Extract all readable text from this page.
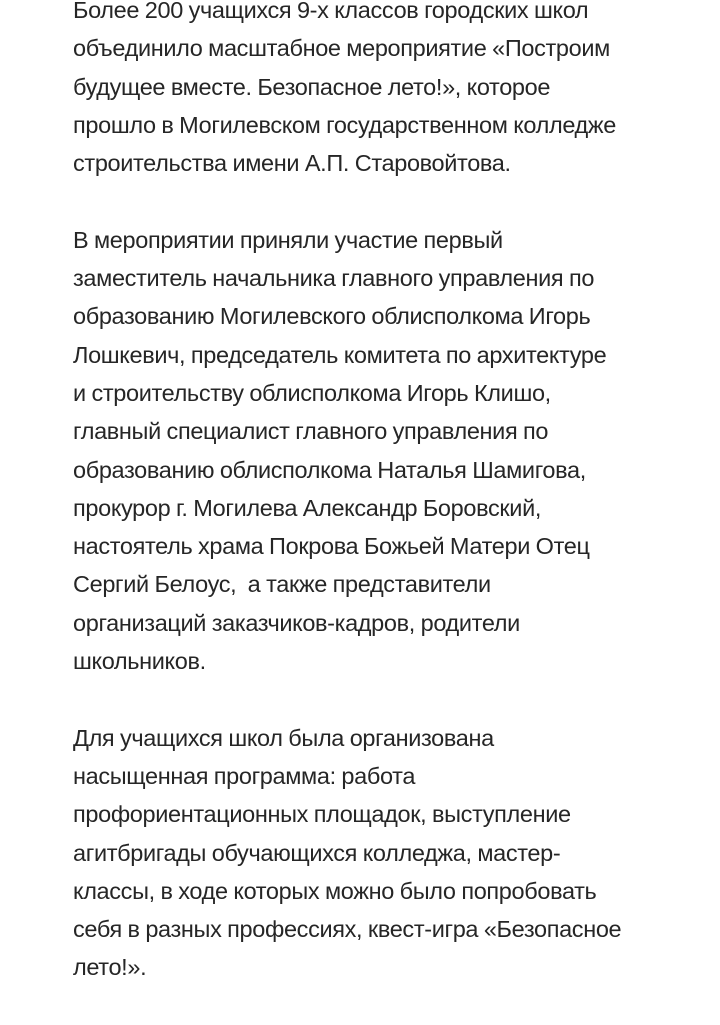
Более 200 учащихся 9-х классов городских школ
объединило масштабное мероприятие «Построим
будущее вместе. Безопасное лето!», которое
прошло в Могилевском государственном колледже
строительства имени А.П. Старовойтова.

В мероприятии приняли участие первый
заместитель начальника главного управления по
образованию Могилевского облисполкома Игорь
Лошкевич, председатель комитета по архитектуре
и строительству облисполкома Игорь Клишо,
главный специалист главного управления по
образованию облисполкома Наталья Шамигова,
прокурор г. Могилева Александр Боровский,
настоятель храма Покрова Божьей Матери Отец
Сергий Белоус,  а также представители
организаций заказчиков-кадров, родители
школьников.

Для учащихся школ была организована
насыщенная программа: работа
профориентационных площадок, выступление
агитбригады обучающихся колледжа, мастер-
классы, в ходе которых можно было попробовать
себя в разных профессиях, квест-игра «Безопасное
лето!».
